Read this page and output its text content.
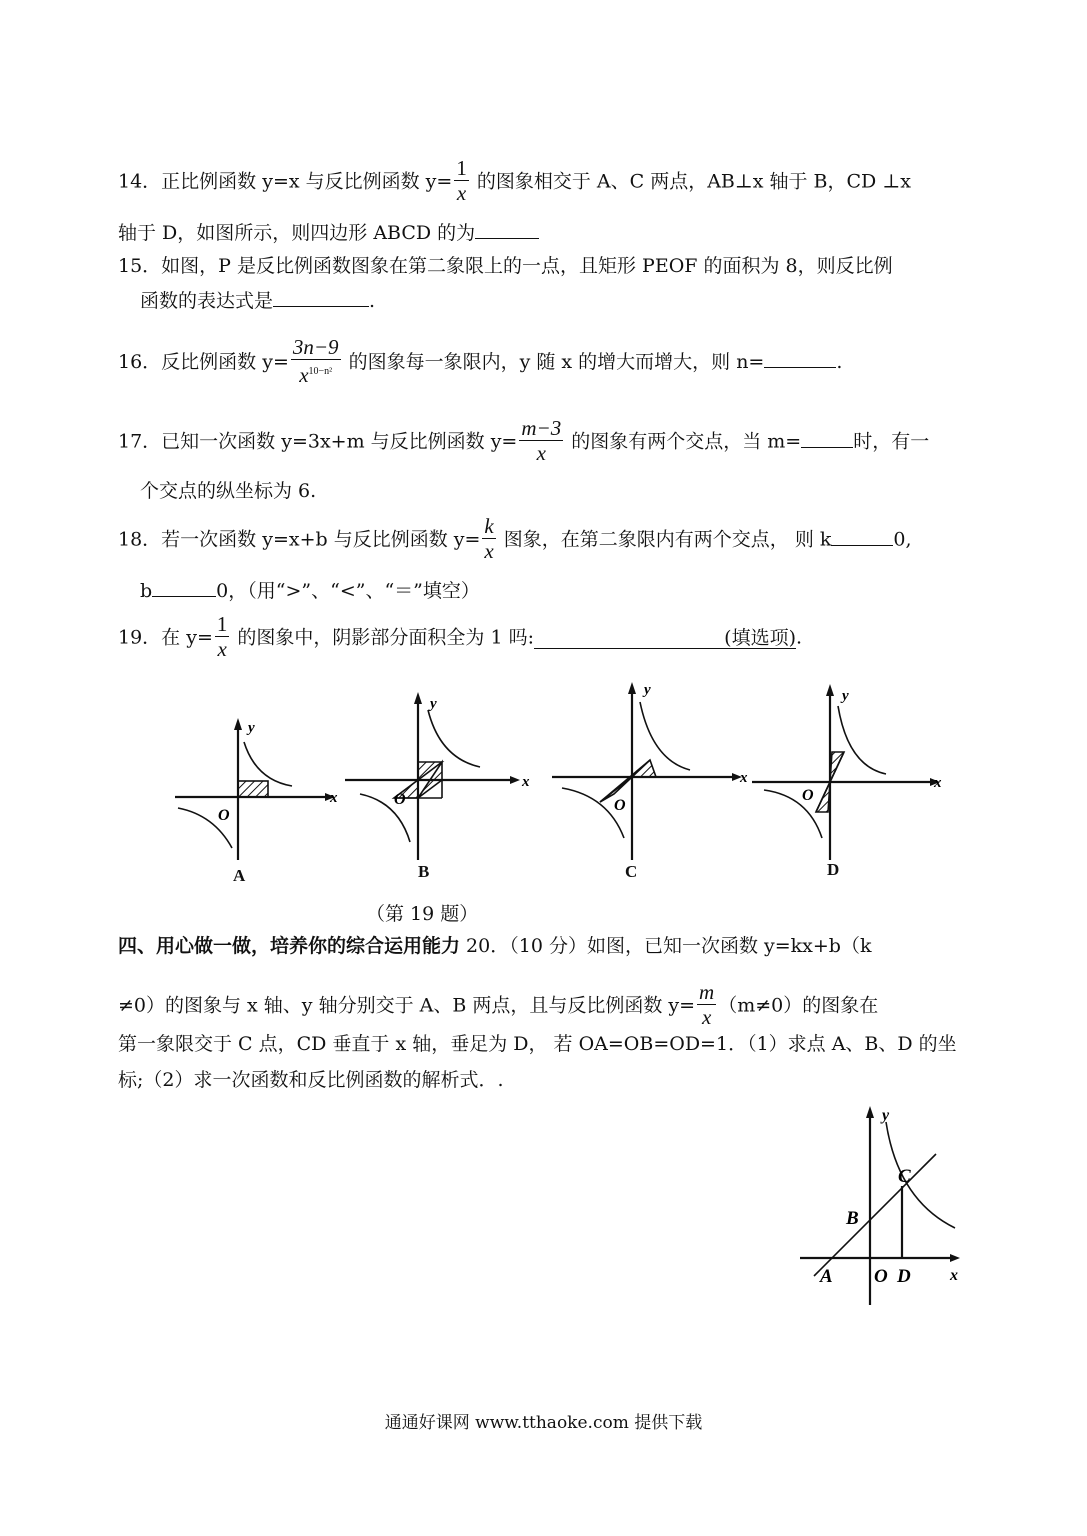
14．正比例函数 y=x 与反比例函数 $y= \frac{1}{x}$ 的图象相交于 A、C 两点，AB⊥x 轴于 B，CD ⊥x
轴于 D，如图所示，则四边形 ABCD 的为
15．如图，P 是反比例函数图象在第二象限上的一点，且矩形 PEOF 的面积为 8，则反比例
函数的表达式是	.
16．反比例函数 $y= \frac{3n-9}{x^{10-n^2}}$ 的图象每一象限内，y 随 x 的增大而增大，则 n=	.
17．已知一次函数 y=3x+m 与反比例函数 $y= \frac{m-3}{x}$ 的图象有两个交点，当 m=	时，有一
个交点的纵坐标为 6.
18．若一次函数 y=x+b 与反比例函数 $y= \frac{k}{x}$ 图象，在第二象限内有两个交点， 则 k	0,
b	0，（用“>”、“<”、“＝”填空）
19．在 $y= \frac{1}{x}$ 的图象中，阴影部分面积全为 1 吗:	(填选项).
y
x
O
y
x
O
y
x
O
y
x
O
A	B	C	D
（第 19 题）
四、用心做一做，培养你的综合运用能力 20．（10 分）如图，已知一次函数 y=kx+b（k
≠0）的图象与 x 轴、y 轴分别交于 A、B 两点，且与反比例函数 $y= \frac{m}{x} (m\ne 0)$的图象在
第一象限交于 C 点，CD 垂直于 x 轴，垂足为 D， 若 OA=OB=OD=1．（1）求点 A、B、D 的坐
标;（2）求一次函数和反比例函数的解析式．.
y
x
C
B
A O D
通通好课网 www.tthaoke.com 提供下载
